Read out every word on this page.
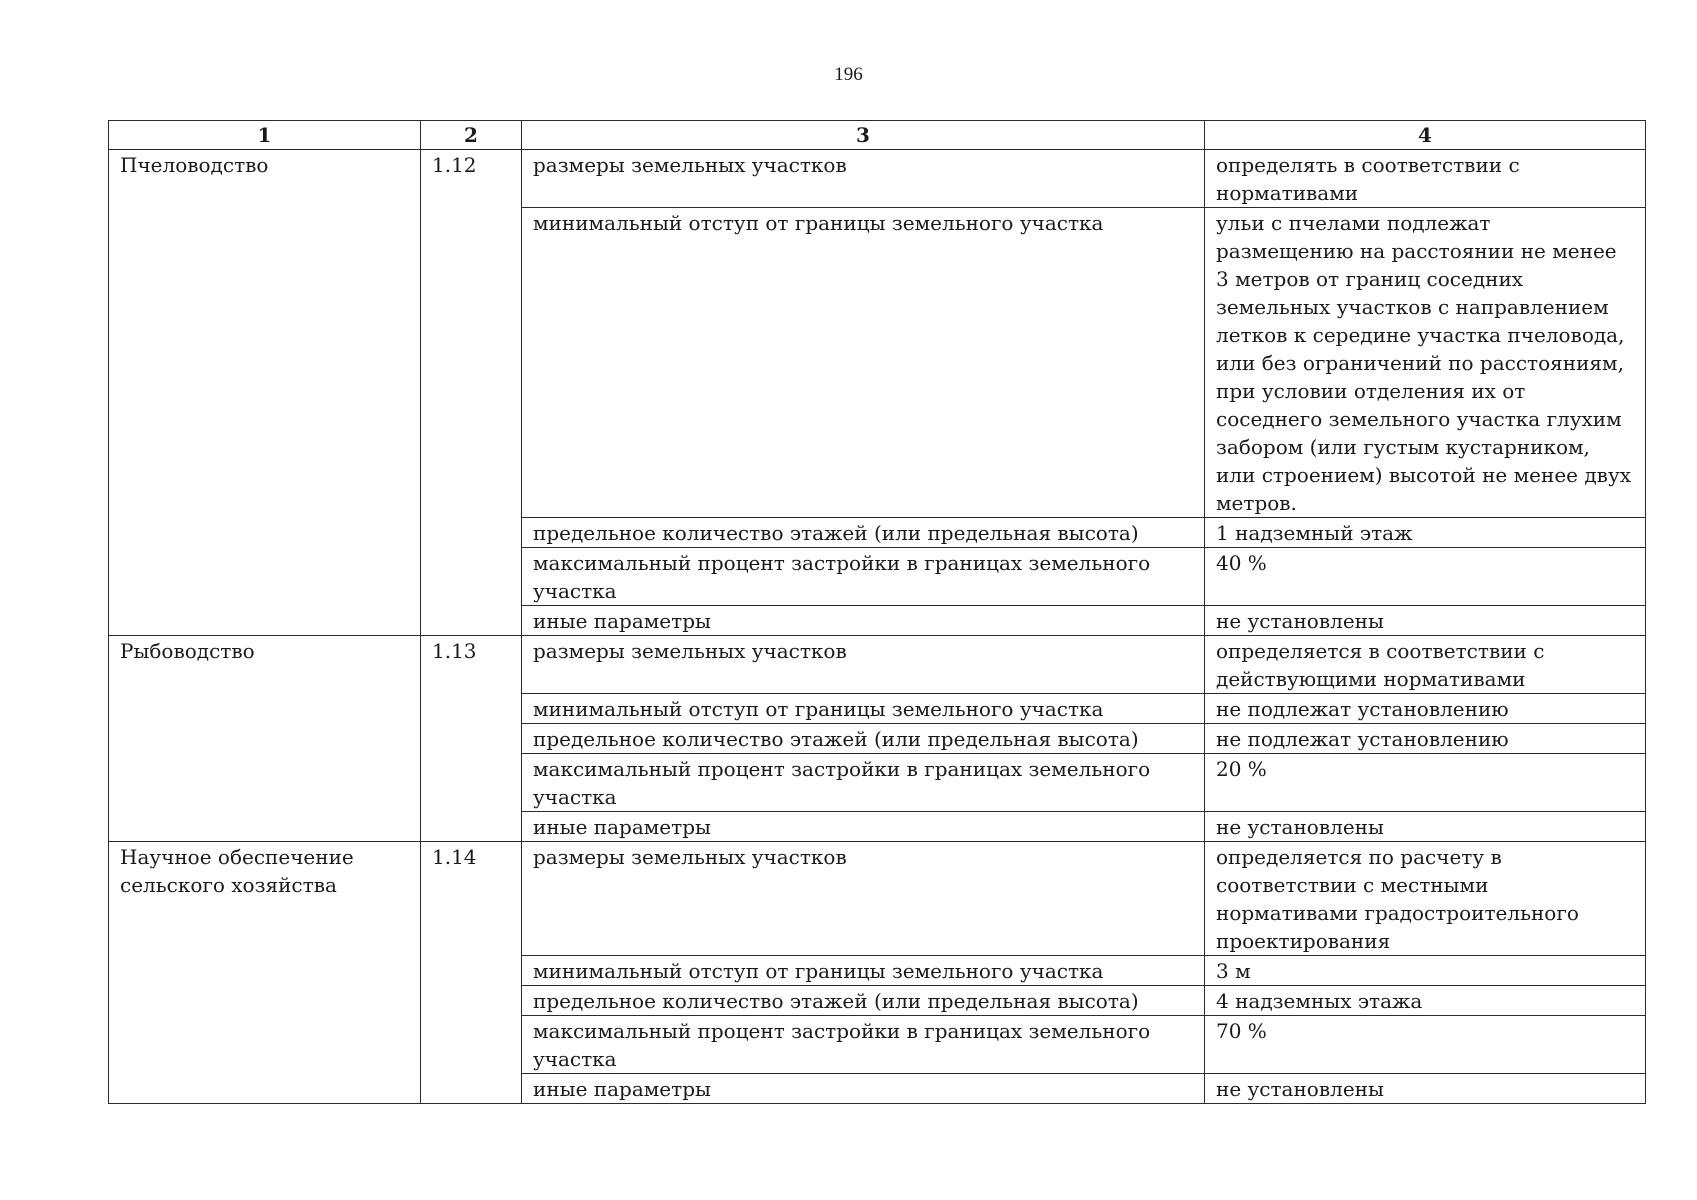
196
1	2	3	4
Пчеловодство	1.12	размеры земельных участков	определять в соответствии с нормативами
		минимальный отступ от границы земельного участка	ульи с пчелами подлежат размещению на расстоянии не менее 3 метров от границ соседних земельных участков с направлением летков к середине участка пчеловода, или без ограничений по расстояниям, при условии отделения их от соседнего земельного участка глухим забором (или густым кустарником, или строением) высотой не менее двух метров.
		предельное количество этажей (или предельная высота)	1 надземный этаж
		максимальный процент застройки в границах земельного участка	40 %
		иные параметры	не установлены
Рыбоводство	1.13	размеры земельных участков	определяется в соответствии с действующими нормативами
		минимальный отступ от границы земельного участка	не подлежат установлению
		предельное количество этажей (или предельная высота)	не подлежат установлению
		максимальный процент застройки в границах земельного участка	20 %
		иные параметры	не установлены
Научное обеспечение сельского хозяйства	1.14	размеры земельных участков	определяется по расчету в соответствии с местными нормативами градостроительного проектирования
		минимальный отступ от границы земельного участка	3 м
		предельное количество этажей (или предельная высота)	4 надземных этажа
		максимальный процент застройки в границах земельного участка	70 %
		иные параметры	не установлены
